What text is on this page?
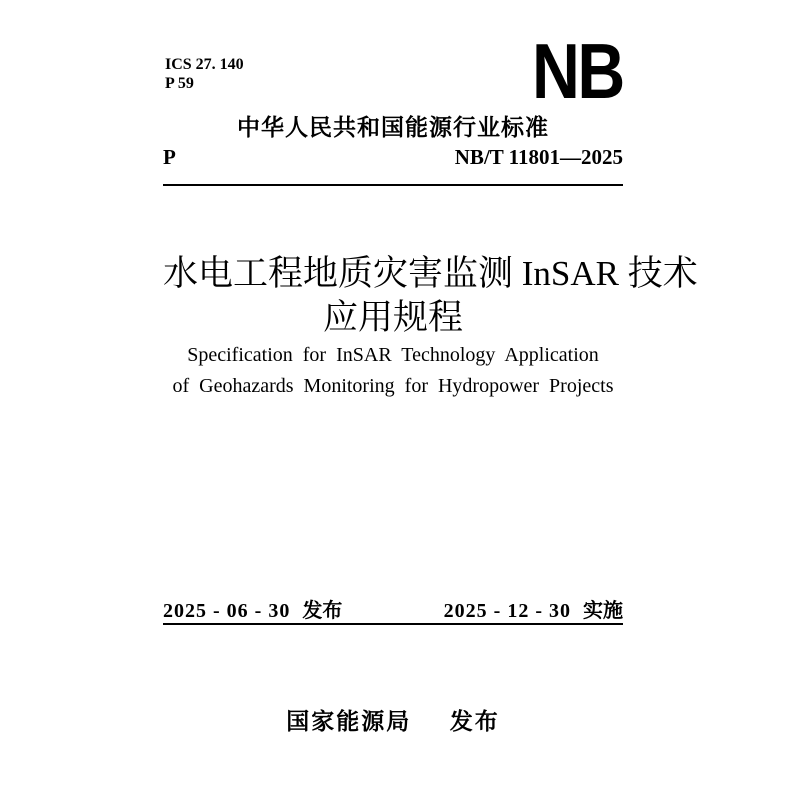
ICS 27. 140
P 59	NB
中华人民共和国能源行业标准
P	NB/T 11801—2025
水电工程地质灾害监测 InSAR 技术
应用规程
Specification for InSAR Technology Application
of Geohazards Monitoring for Hydropower Projects
2025 - 06 - 30 发布	2025 - 12 - 30 实施
国家能源局 发布
